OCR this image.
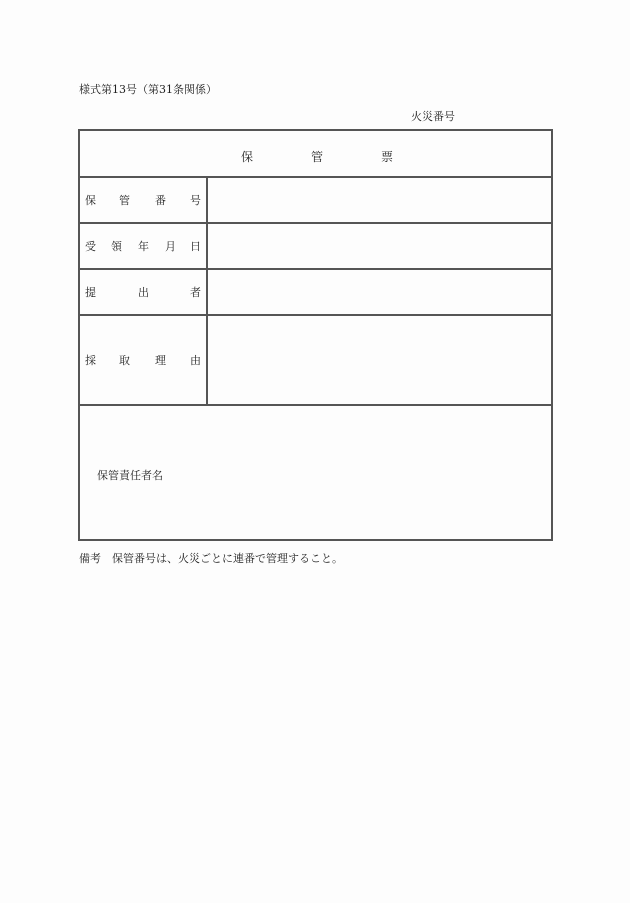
様式第13号（第31条関係）
火災番号
保	管	票
保 管 番 号
受 領 年 月 日
提	出	者
採 取 理 由
保管責任者名
備考　保管番号は、火災ごとに連番で管理すること。
